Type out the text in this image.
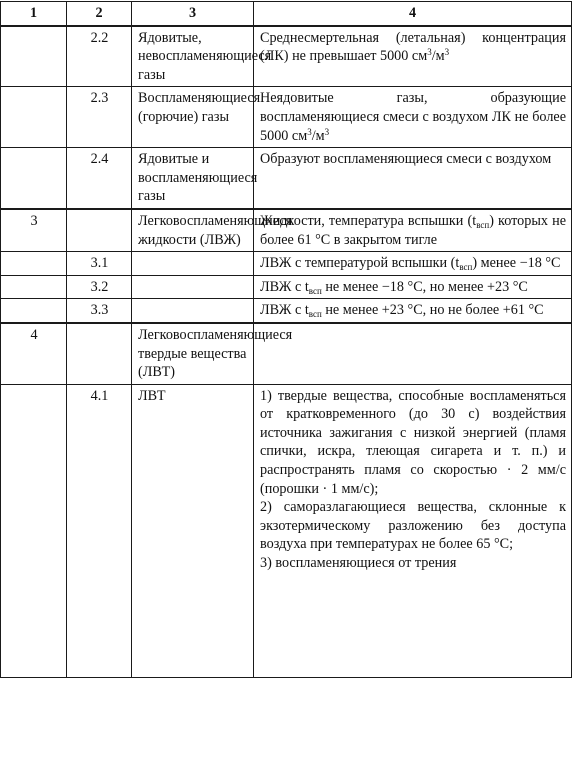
1	2	3	4
	2.2	Ядовитые, невоспламеняющиеся газы	Среднесмертельная (летальная) концентрация (ЛК) не превышает 5000 $см^3/м^3$
	2.3	Воспламеняющиеся (горючие) газы	Неядовитые газы, образующие воспламеняющиеся смеси с воздухом ЛК не более 5000 $см^3/м^3$
	2.4	Ядовитые и воспламеняющиеся газы	Образуют воспламеняющиеся смеси с воздухом
3		Легковоспламеняющиеся жидкости (ЛВЖ)	Жидкости, температура вспышки $(t_{всп})$ которых не более 61 °С в закрытом тигле
	3.1		ЛВЖ с температурой вспышки $(t_{всп})$ менее −18 °С
	3.2		ЛВЖ с $t_{всп}$ не менее −18 °С, но менее +23 °С
	3.3		ЛВЖ с $t_{всп}$ не менее +23 °С, но не более +61 °С
4		Легковоспламеняющиеся твердые вещества (ЛВТ)	
	4.1	ЛВТ	1) твердые вещества, способные воспламеняться от кратковременного (до 30 с) воздействия источника зажигания с низкой энергией (пламя спички, искра, тлеющая сигарета и т. п.) и распространять пламя со скоростью · 2 мм/с (порошки · 1 мм/с);
2) саморазлагающиеся вещества, склонные к экзотермическому разложению без доступа воздуха при температурах не более 65 °С;
3) воспламеняющиеся от трения
